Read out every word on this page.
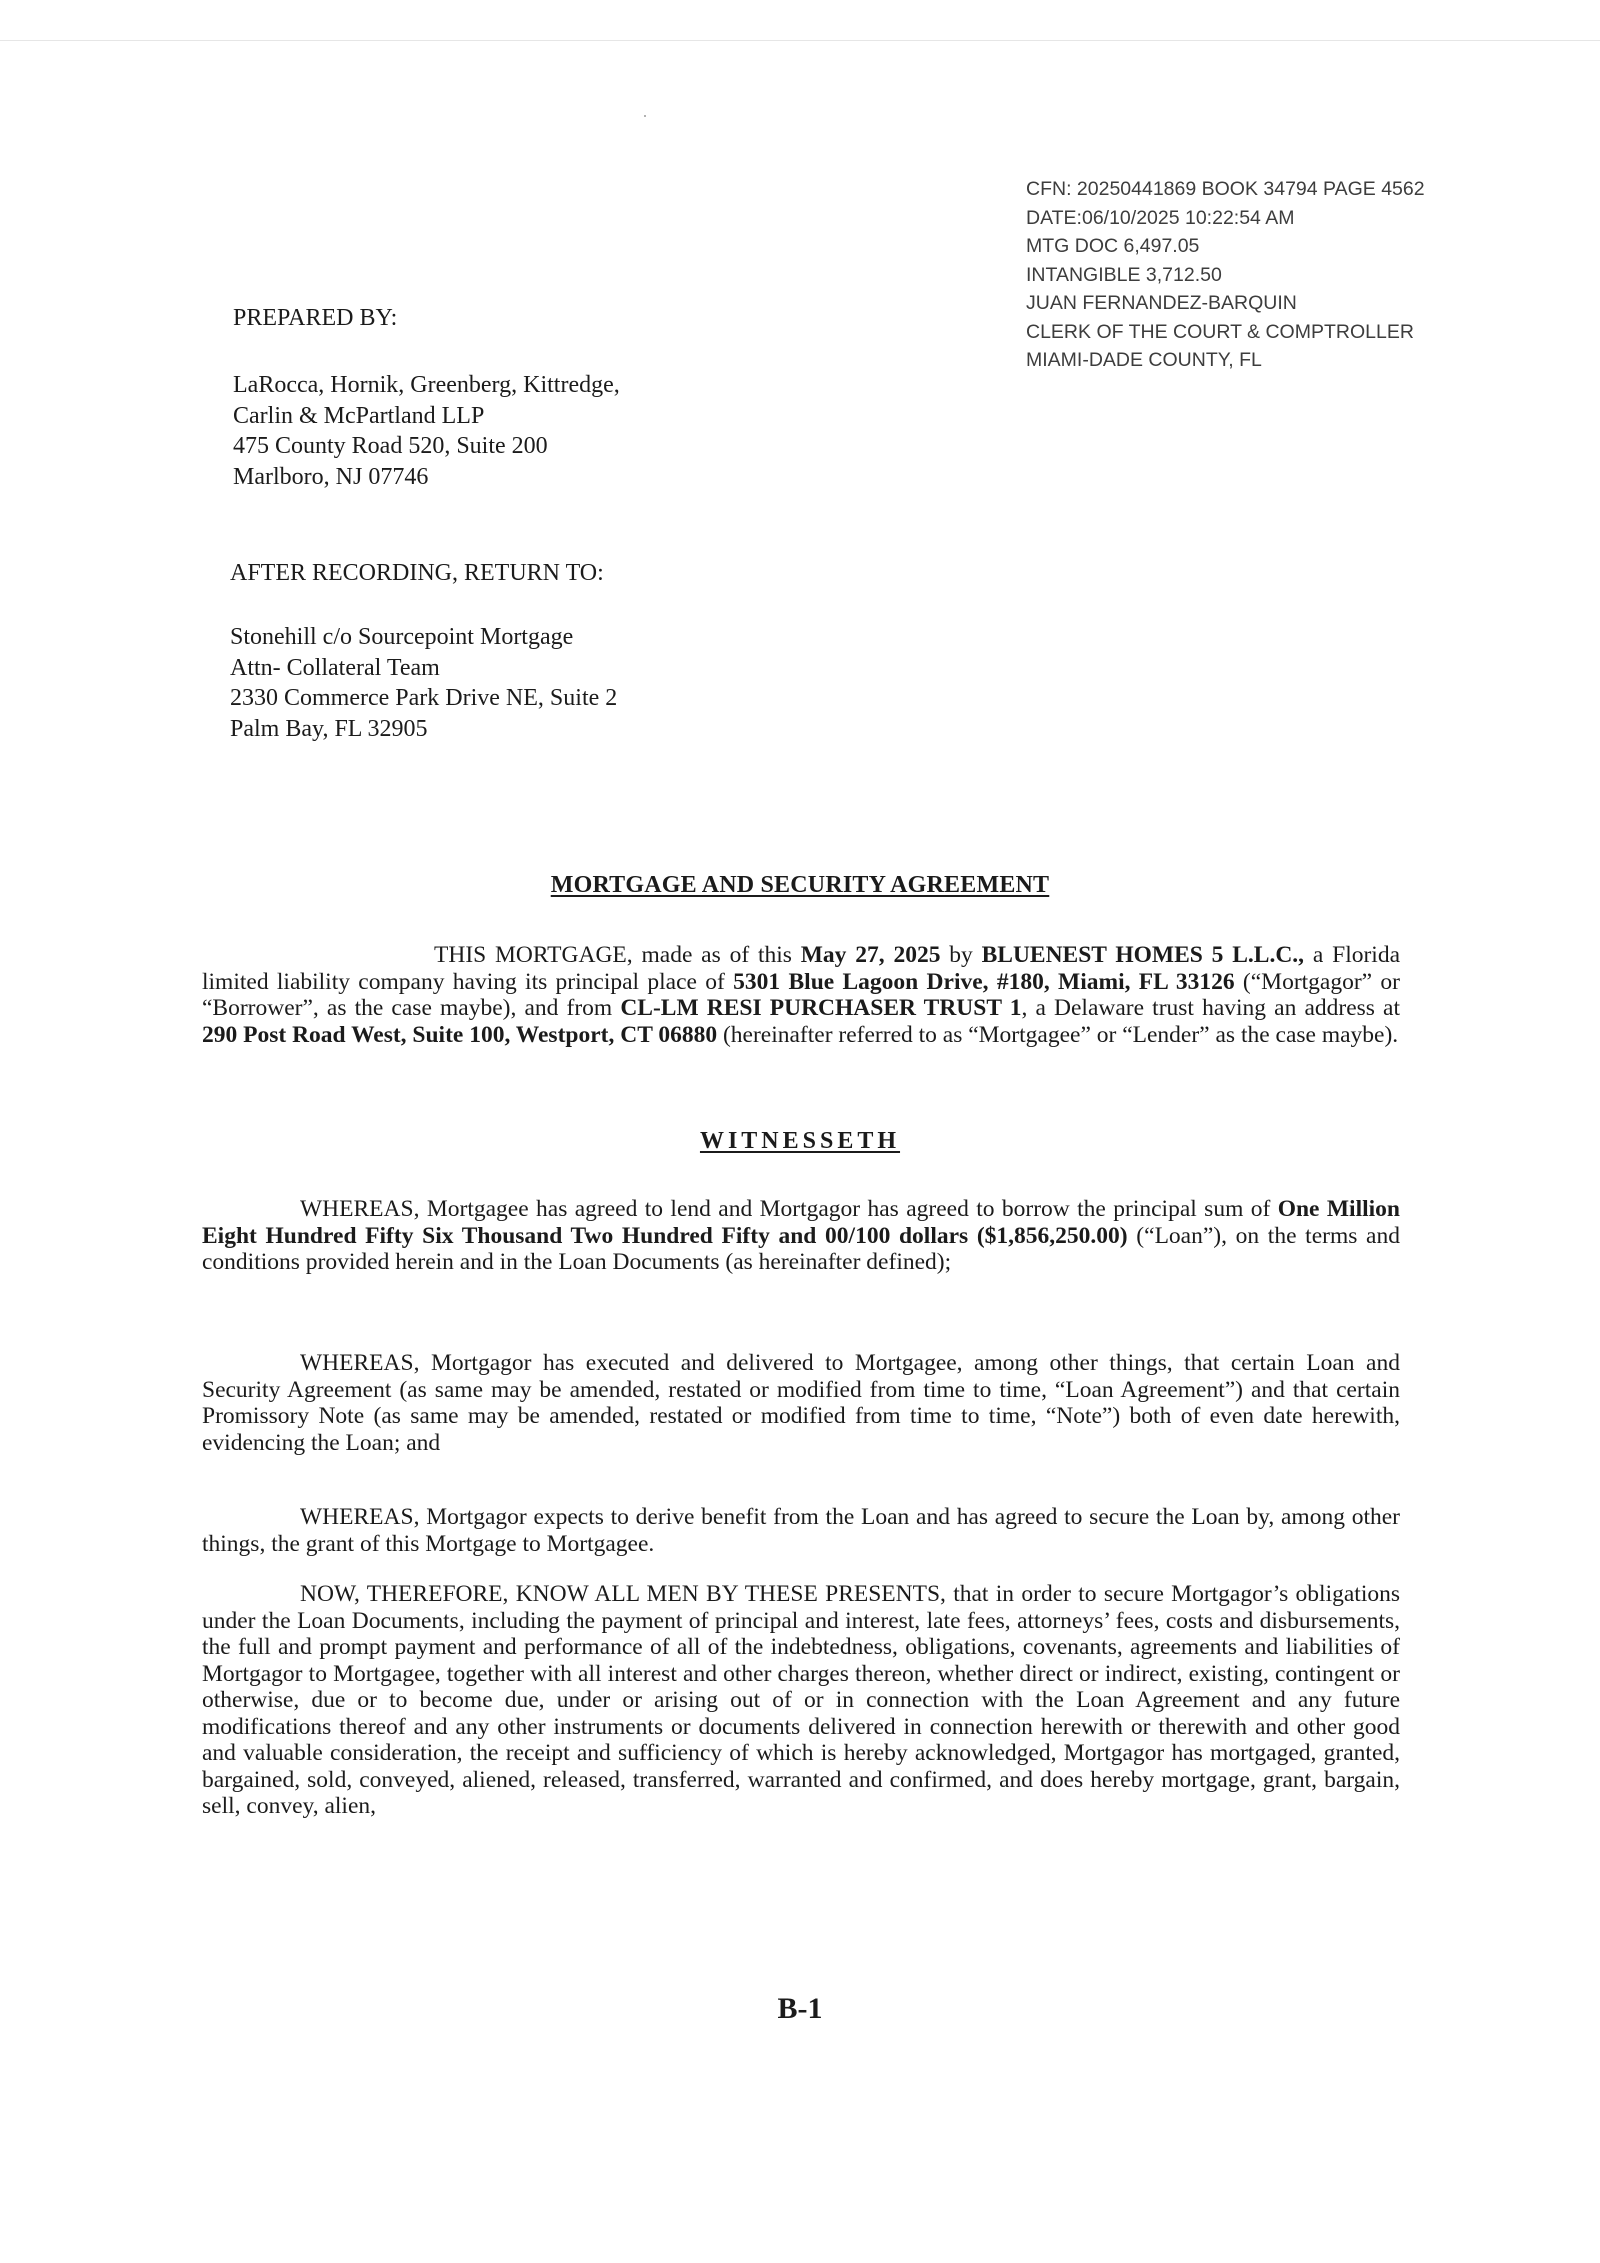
CFN: 20250441869 BOOK 34794 PAGE 4562
DATE:06/10/2025 10:22:54 AM
MTG DOC 6,497.05
INTANGIBLE 3,712.50
JUAN FERNANDEZ-BARQUIN
CLERK OF THE COURT & COMPTROLLER
MIAMI-DADE COUNTY, FL
PREPARED BY:
LaRocca, Hornik, Greenberg, Kittredge,
Carlin & McPartland LLP
475 County Road 520, Suite 200
Marlboro, NJ 07746
AFTER RECORDING, RETURN TO:
Stonehill c/o Sourcepoint Mortgage
Attn- Collateral Team
2330 Commerce Park Drive NE, Suite 2
Palm Bay, FL 32905
MORTGAGE AND SECURITY AGREEMENT
THIS MORTGAGE, made as of this May 27, 2025 by BLUENEST HOMES 5 L.L.C., a Florida limited liability company having its principal place of 5301 Blue Lagoon Drive, #180, Miami, FL 33126 (“Mortgagor” or “Borrower”, as the case maybe), and from CL-LM RESI PURCHASER TRUST 1, a Delaware trust having an address at 290 Post Road West, Suite 100, Westport, CT 06880 (hereinafter referred to as “Mortgagee” or “Lender” as the case maybe).
WITNESSETH
WHEREAS, Mortgagee has agreed to lend and Mortgagor has agreed to borrow the principal sum of One Million Eight Hundred Fifty Six Thousand Two Hundred Fifty and 00/100 dollars ($1,856,250.00) (“Loan”), on the terms and conditions provided herein and in the Loan Documents (as hereinafter defined);
WHEREAS, Mortgagor has executed and delivered to Mortgagee, among other things, that certain Loan and Security Agreement (as same may be amended, restated or modified from time to time, “Loan Agreement”) and that certain Promissory Note (as same may be amended, restated or modified from time to time, “Note”) both of even date herewith, evidencing the Loan; and
WHEREAS, Mortgagor expects to derive benefit from the Loan and has agreed to secure the Loan by, among other things, the grant of this Mortgage to Mortgagee.
NOW, THEREFORE, KNOW ALL MEN BY THESE PRESENTS, that in order to secure Mortgagor’s obligations under the Loan Documents, including the payment of principal and interest, late fees, attorneys’ fees, costs and disbursements, the full and prompt payment and performance of all of the indebtedness, obligations, covenants, agreements and liabilities of Mortgagor to Mortgagee, together with all interest and other charges thereon, whether direct or indirect, existing, contingent or otherwise, due or to become due, under or arising out of or in connection with the Loan Agreement and any future modifications thereof and any other instruments or documents delivered in connection herewith or therewith and other good and valuable consideration, the receipt and sufficiency of which is hereby acknowledged, Mortgagor has mortgaged, granted, bargained, sold, conveyed, aliened, released, transferred, warranted and confirmed, and does hereby mortgage, grant, bargain, sell, convey, alien,
B-1
